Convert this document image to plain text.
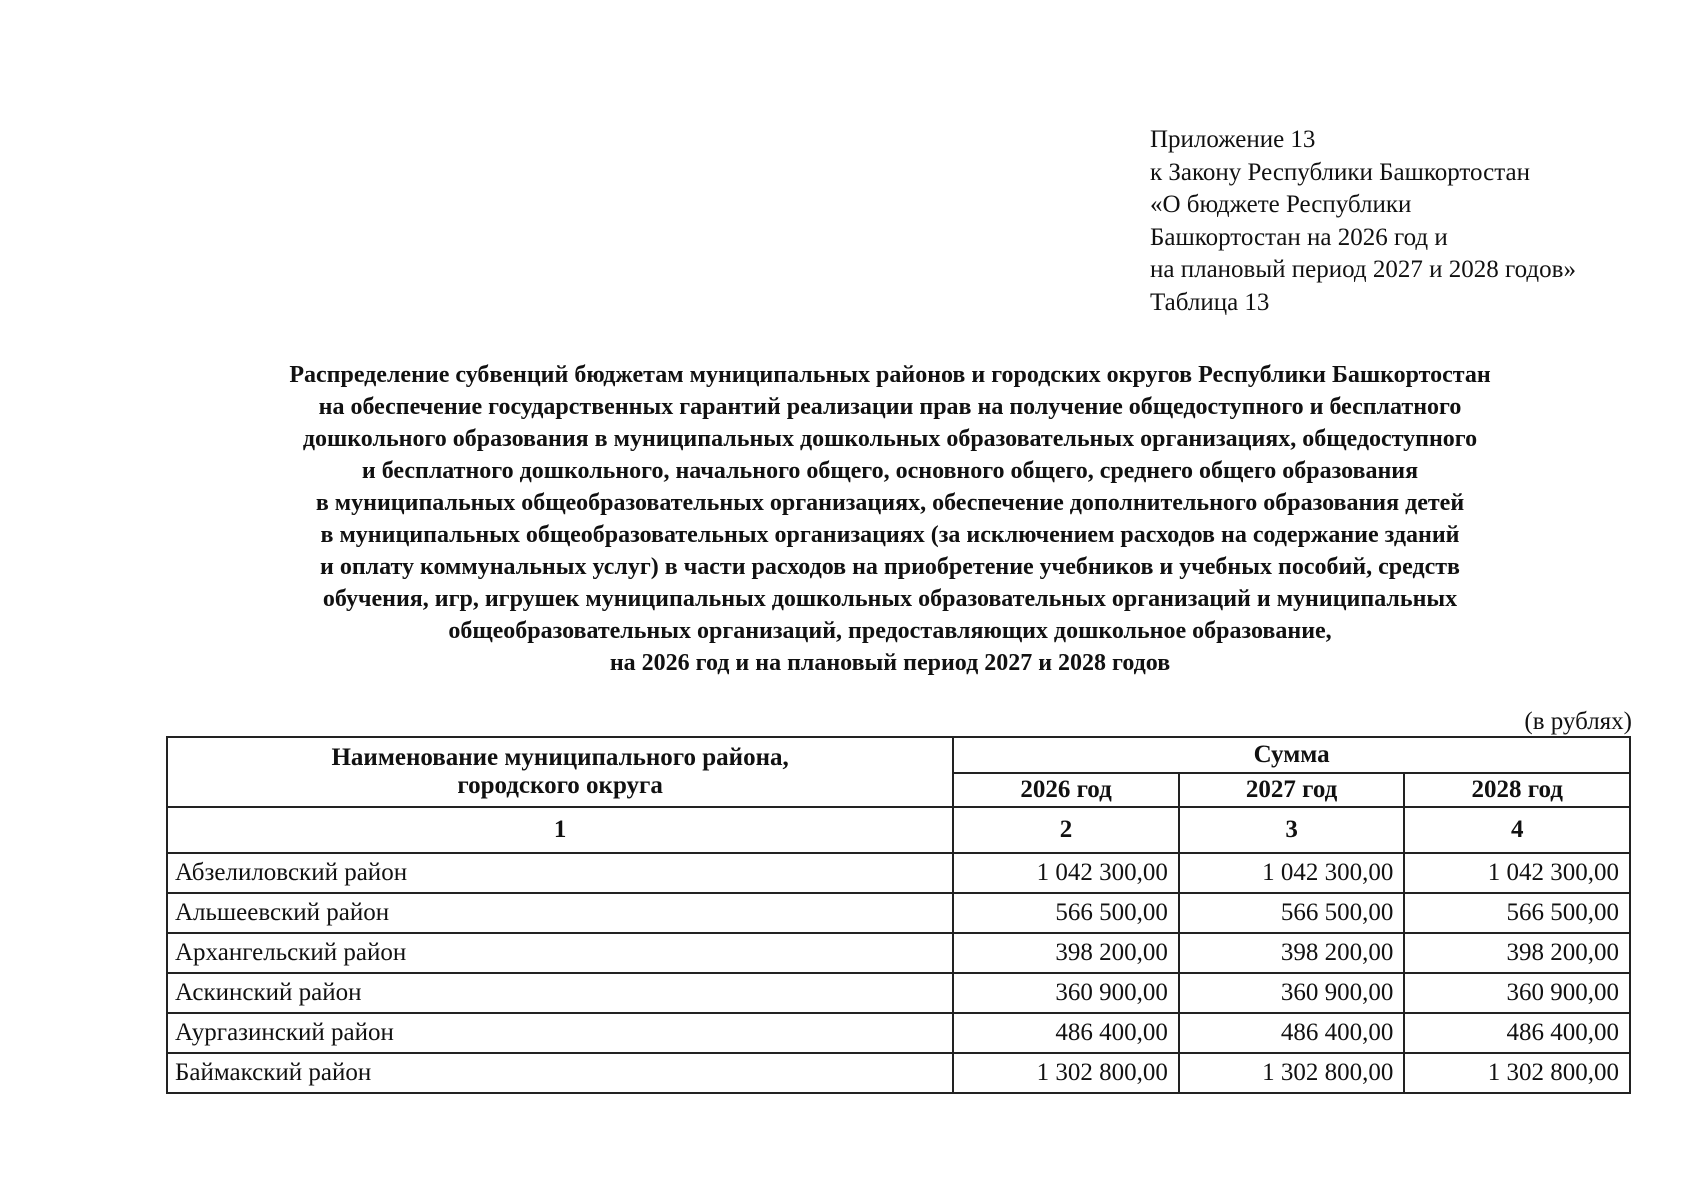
Приложение 13
к Закону Республики Башкортостан
«О бюджете Республики
Башкортостан на 2026 год и
на плановый период 2027 и 2028 годов»
Таблица 13
Распределение субвенций бюджетам муниципальных районов и городских округов Республики Башкортостан
на обеспечение государственных гарантий реализации прав на получение общедоступного и бесплатного
дошкольного образования в муниципальных дошкольных образовательных организациях, общедоступного
и бесплатного дошкольного, начального общего, основного общего, среднего общего образования
в муниципальных общеобразовательных организациях, обеспечение дополнительного образования детей
в муниципальных общеобразовательных организациях (за исключением расходов на содержание зданий
и оплату коммунальных услуг) в части расходов на приобретение учебников и учебных пособий, средств
обучения, игр, игрушек муниципальных дошкольных образовательных организаций и муниципальных
общеобразовательных организаций, предоставляющих дошкольное образование,
на 2026 год и на плановый период 2027 и 2028 годов
(в рублях)
Наименование муниципального района,
городского округа	Сумма		
	2026 год	2027 год	2028 год
1	2	3	4
Абзелиловский район	1 042 300,00	1 042 300,00	1 042 300,00
Альшеевский район	566 500,00	566 500,00	566 500,00
Архангельский район	398 200,00	398 200,00	398 200,00
Аскинский район	360 900,00	360 900,00	360 900,00
Аургазинский район	486 400,00	486 400,00	486 400,00
Баймакский район	1 302 800,00	1 302 800,00	1 302 800,00
